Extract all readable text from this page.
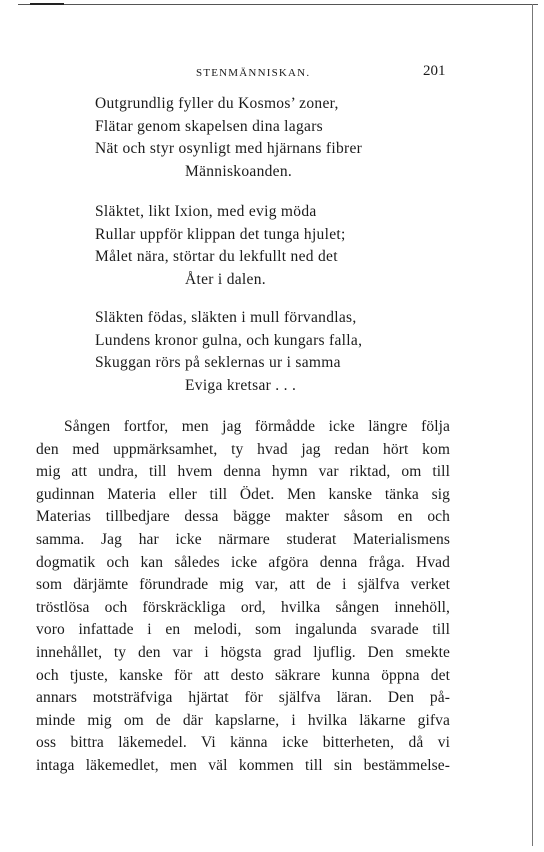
STENMÄNNISKAN.	201
Outgrundlig fyller du Kosmos’ zoner,
Flätar genom skapelsen dina lagars
Nät och styr osynligt med hjärnans fibrer
Människoanden.
Släktet, likt Ixion, med evig möda
Rullar uppför klippan det tunga hjulet;
Målet nära, störtar du lekfullt ned det
Åter i dalen.
Släkten födas, släkten i mull förvandlas,
Lundens kronor gulna, och kungars falla,
Skuggan rörs på seklernas ur i samma
Eviga kretsar . . .
Sången fortfor, men jag förmådde icke längre följa
den med uppmärksamhet, ty hvad jag redan hört kom
mig att undra, till hvem denna hymn var riktad, om till
gudinnan Materia eller till Ödet. Men kanske tänka sig
Materias tillbedjare dessa bägge makter såsom en och
samma. Jag har icke närmare studerat Materialismens
dogmatik och kan således icke afgöra denna fråga. Hvad
som därjämte förundrade mig var, att de i själfva verket
tröstlösa och förskräckliga ord, hvilka sången innehöll,
voro infattade i en melodi, som ingalunda svarade till
innehållet, ty den var i högsta grad ljuflig. Den smekte
och tjuste, kanske för att desto säkrare kunna öppna det
annars motsträfviga hjärtat för själfva läran. Den på-
minde mig om de där kapslarne, i hvilka läkarne gifva
oss bittra läkemedel. Vi känna icke bitterheten, då vi
intaga läkemedlet, men väl kommen till sin bestämmelse-
